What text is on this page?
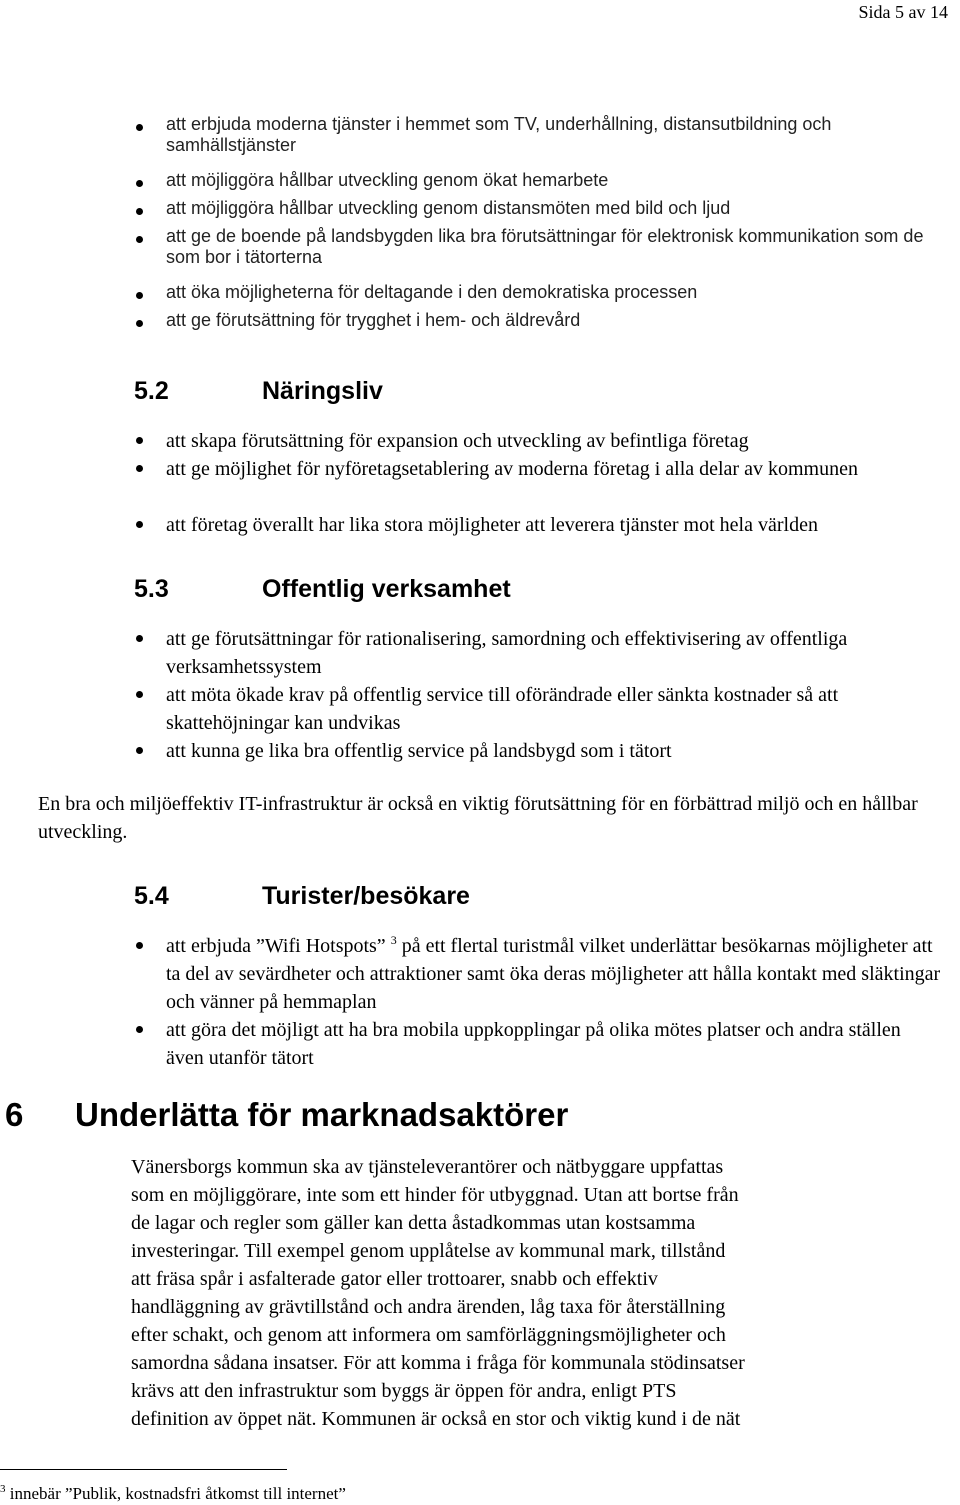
Sida 5 av 14
att erbjuda moderna tjänster i hemmet som TV, underhållning, distansutbildning och samhällstjänster
att möjliggöra hållbar utveckling genom ökat hemarbete
att möjliggöra hållbar utveckling genom distansmöten med bild och ljud
att ge de boende på landsbygden lika bra förutsättningar för elektronisk kommunikation som de som bor i tätorterna
att öka möjligheterna för deltagande i den demokratiska processen
att ge förutsättning för trygghet i hem- och äldrevård
5.2	Näringsliv
att skapa förutsättning för expansion och utveckling av befintliga företag
att ge möjlighet för nyföretagsetablering av moderna företag i alla delar av kommunen
att företag överallt har lika stora möjligheter att leverera tjänster mot hela världen
5.3	Offentlig verksamhet
att ge förutsättningar för rationalisering, samordning och effektivisering av offentliga verksamhetssystem
att möta ökade krav på offentlig service till oförändrade eller sänkta kostnader så att skattehöjningar kan undvikas
att kunna ge lika bra offentlig service på landsbygd som i tätort

En bra och miljöeffektiv IT-infrastruktur är också en viktig förutsättning för en förbättrad miljö och en hållbar utveckling.

5.4	Turister/besökare
att erbjuda ”Wifi Hotspots” $^3$ på ett flertal turistmål vilket underlättar besökarnas möjligheter att ta del av sevärdheter och attraktioner samt öka deras möjligheter att hålla kontakt med släktingar och vänner på hemmaplan
att göra det möjligt att ha bra mobila uppkopplingar på olika mötes platser och andra ställen även utanför tätort
6 Underlätta för marknadsaktörer
Vänersborgs kommun ska av tjänsteleverantörer och nätbyggare uppfattas
som en möjliggörare, inte som ett hinder för utbyggnad. Utan att bortse från
de lagar och regler som gäller kan detta åstadkommas utan kostsamma
investeringar. Till exempel genom upplåtelse av kommunal mark, tillstånd
att fräsa spår i asfalterade gator eller trottoarer, snabb och effektiv
handläggning av grävtillstånd och andra ärenden, låg taxa för återställning
efter schakt, och genom att informera om samförläggningsmöjligheter och
samordna sådana insatser. För att komma i fråga för kommunala stödinsatser
krävs att den infrastruktur som byggs är öppen för andra, enligt PTS
definition av öppet nät. Kommunen är också en stor och viktig kund i de nät
$^3$ innebär ”Publik, kostnadsfri åtkomst till internet”
